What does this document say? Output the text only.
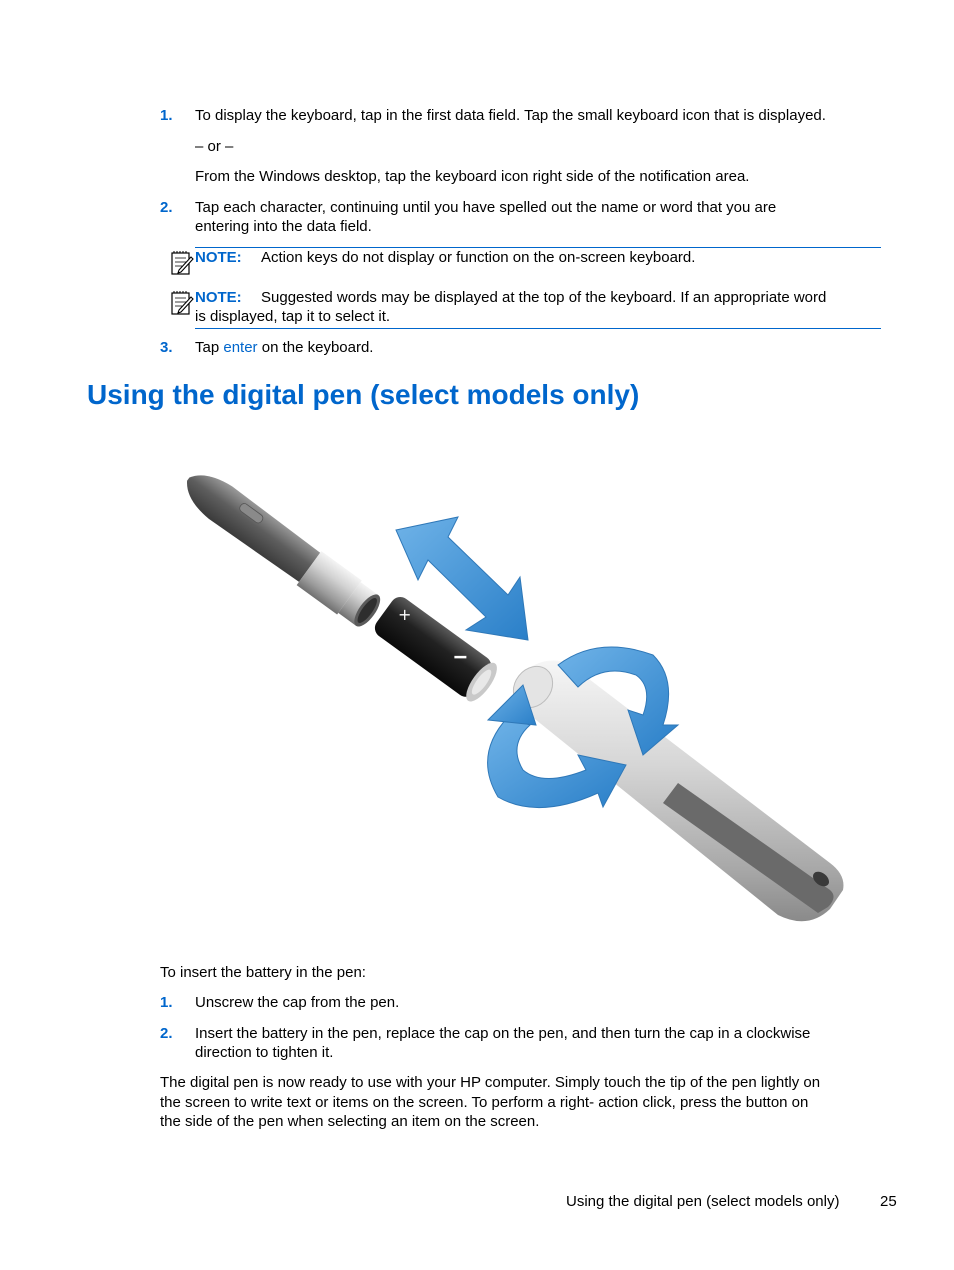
1. To display the keyboard, tap in the first data field. Tap the small keyboard icon that is displayed.
– or –
From the Windows desktop, tap the keyboard icon right side of the notification area.
2. Tap each character, continuing until you have spelled out the name or word that you are
entering into the data field.
NOTE: Action keys do not display or function on the on-screen keyboard.
NOTE: Suggested words may be displayed at the top of the keyboard. If an appropriate word
is displayed, tap it to select it.
3. Tap enter on the keyboard.
Using the digital pen (select models only)
+
To insert the battery in the pen:
1. Unscrew the cap from the pen.
2. Insert the battery in the pen, replace the cap on the pen, and then turn the cap in a clockwise
direction to tighten it.
The digital pen is now ready to use with your HP computer. Simply touch the tip of the pen lightly on
the screen to write text or items on the screen. To perform a right- action click, press the button on
the side of the pen when selecting an item on the screen.
Using the digital pen (select models only)	25
